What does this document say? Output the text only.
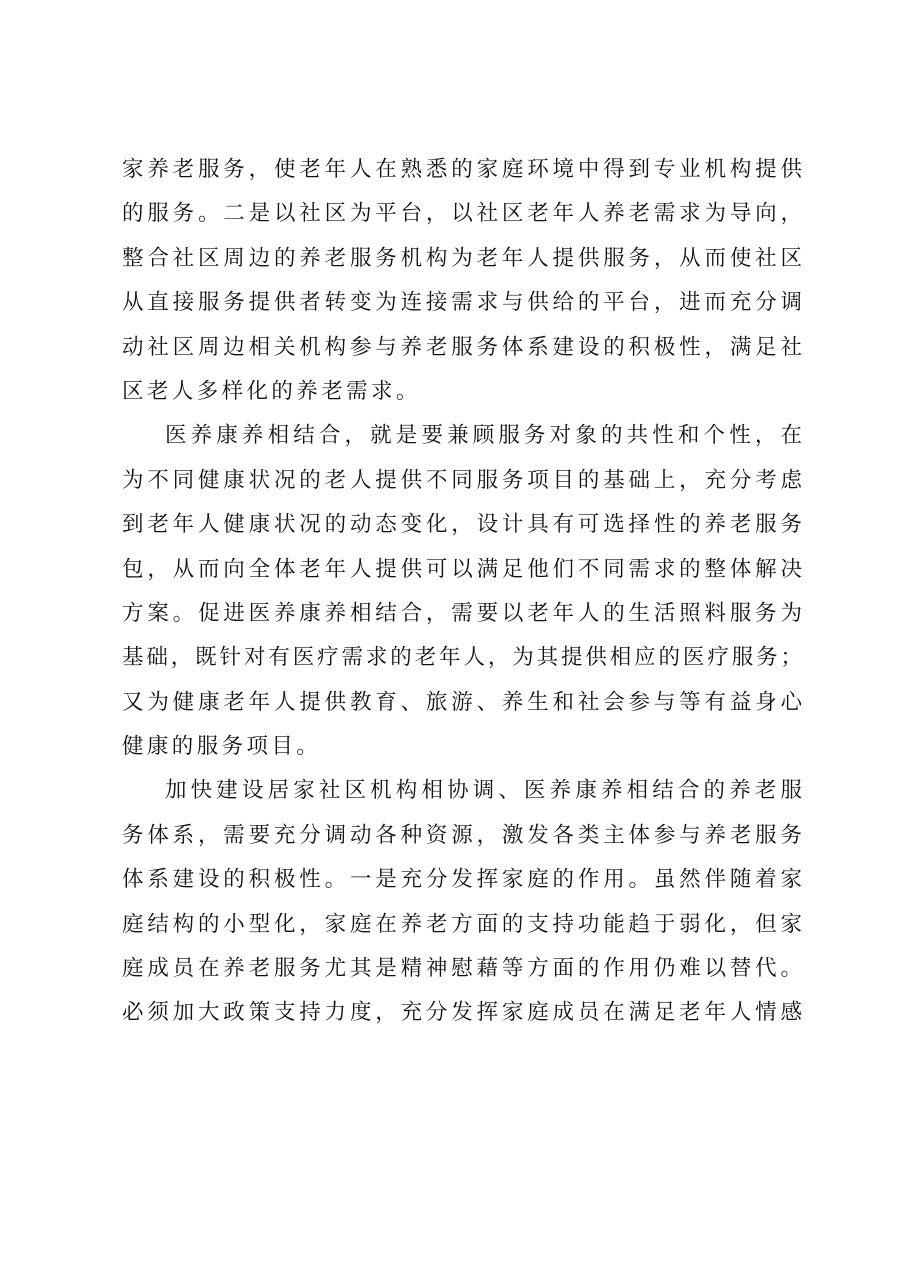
家养老服务，使老年人在熟悉的家庭环境中得到专业机构提供
的服务。二是以社区为平台，以社区老年人养老需求为导向，
整合社区周边的养老服务机构为老年人提供服务，从而使社区
从直接服务提供者转变为连接需求与供给的平台，进而充分调
动社区周边相关机构参与养老服务体系建设的积极性，满足社
区老人多样化的养老需求。
医养康养相结合，就是要兼顾服务对象的共性和个性，在
为不同健康状况的老人提供不同服务项目的基础上，充分考虑
到老年人健康状况的动态变化，设计具有可选择性的养老服务
包，从而向全体老年人提供可以满足他们不同需求的整体解决
方案。促进医养康养相结合，需要以老年人的生活照料服务为
基础，既针对有医疗需求的老年人，为其提供相应的医疗服务；
又为健康老年人提供教育、旅游、养生和社会参与等有益身心
健康的服务项目。
加快建设居家社区机构相协调、医养康养相结合的养老服
务体系，需要充分调动各种资源，激发各类主体参与养老服务
体系建设的积极性。一是充分发挥家庭的作用。虽然伴随着家
庭结构的小型化，家庭在养老方面的支持功能趋于弱化，但家
庭成员在养老服务尤其是精神慰藉等方面的作用仍难以替代。
必须加大政策支持力度，充分发挥家庭成员在满足老年人情感
